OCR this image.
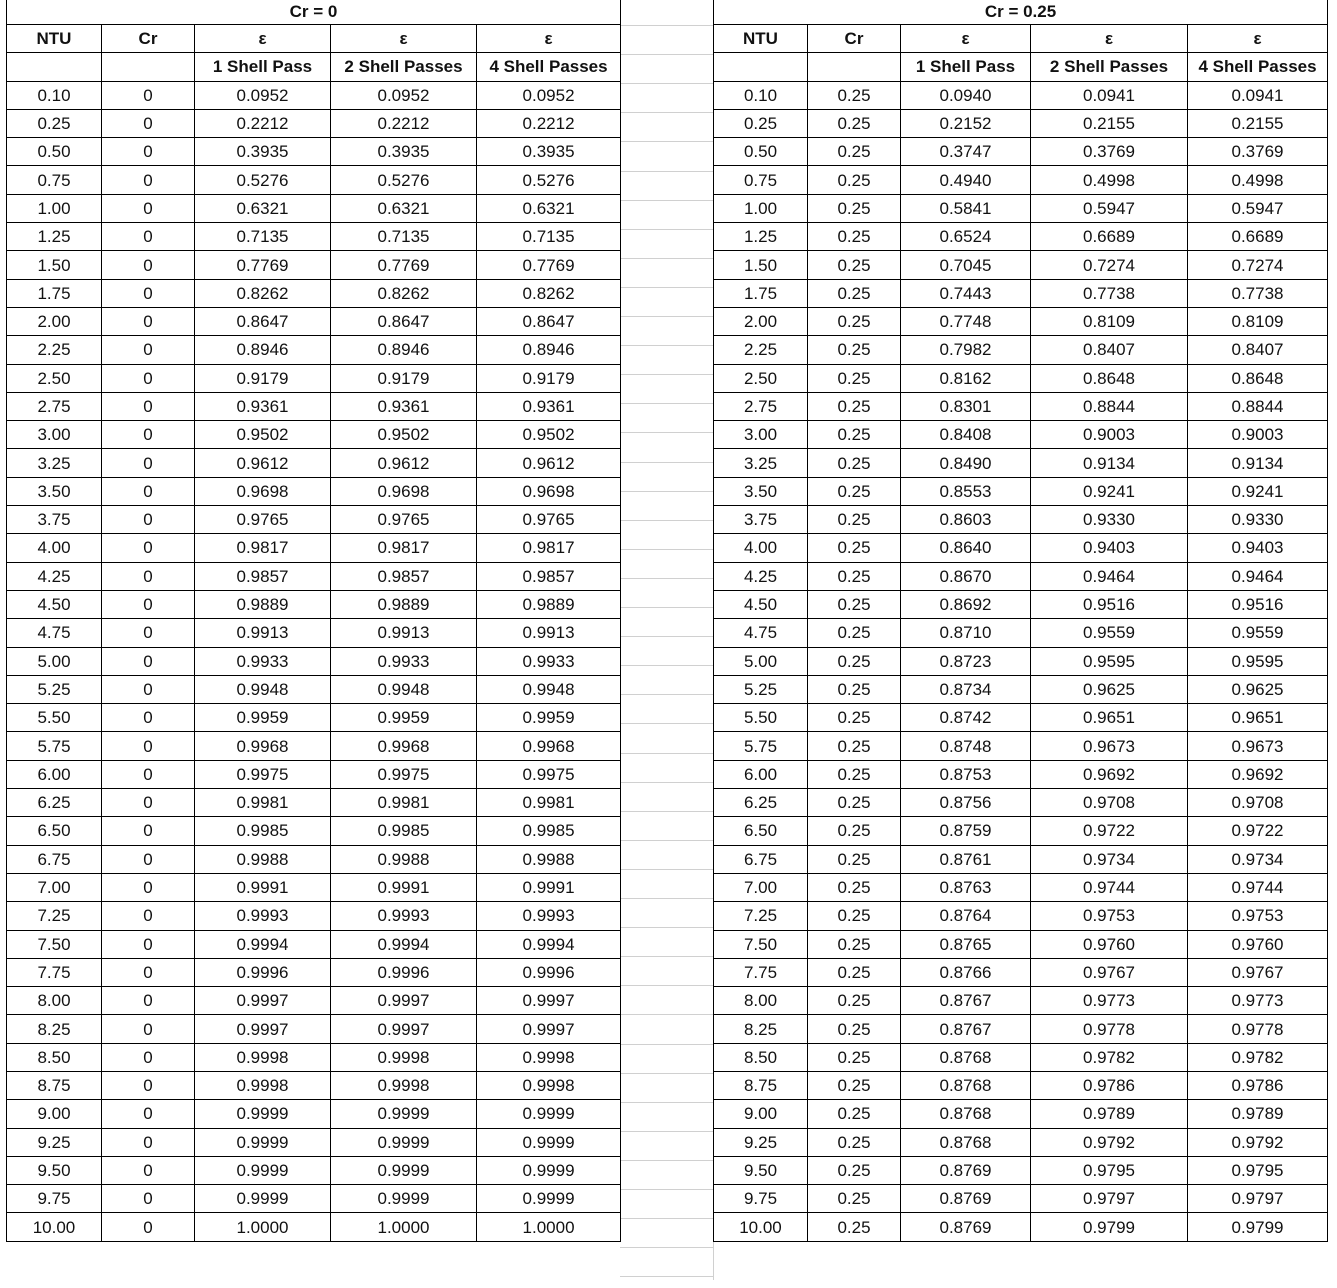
Cr = 0				
NTU	Cr	ε	ε	ε
		1 Shell Pass	2 Shell Passes	4 Shell Passes
0.10	0	0.0952	0.0952	0.0952
0.25	0	0.2212	0.2212	0.2212
0.50	0	0.3935	0.3935	0.3935
0.75	0	0.5276	0.5276	0.5276
1.00	0	0.6321	0.6321	0.6321
1.25	0	0.7135	0.7135	0.7135
1.50	0	0.7769	0.7769	0.7769
1.75	0	0.8262	0.8262	0.8262
2.00	0	0.8647	0.8647	0.8647
2.25	0	0.8946	0.8946	0.8946
2.50	0	0.9179	0.9179	0.9179
2.75	0	0.9361	0.9361	0.9361
3.00	0	0.9502	0.9502	0.9502
3.25	0	0.9612	0.9612	0.9612
3.50	0	0.9698	0.9698	0.9698
3.75	0	0.9765	0.9765	0.9765
4.00	0	0.9817	0.9817	0.9817
4.25	0	0.9857	0.9857	0.9857
4.50	0	0.9889	0.9889	0.9889
4.75	0	0.9913	0.9913	0.9913
5.00	0	0.9933	0.9933	0.9933
5.25	0	0.9948	0.9948	0.9948
5.50	0	0.9959	0.9959	0.9959
5.75	0	0.9968	0.9968	0.9968
6.00	0	0.9975	0.9975	0.9975
6.25	0	0.9981	0.9981	0.9981
6.50	0	0.9985	0.9985	0.9985
6.75	0	0.9988	0.9988	0.9988
7.00	0	0.9991	0.9991	0.9991
7.25	0	0.9993	0.9993	0.9993
7.50	0	0.9994	0.9994	0.9994
7.75	0	0.9996	0.9996	0.9996
8.00	0	0.9997	0.9997	0.9997
8.25	0	0.9997	0.9997	0.9997
8.50	0	0.9998	0.9998	0.9998
8.75	0	0.9998	0.9998	0.9998
9.00	0	0.9999	0.9999	0.9999
9.25	0	0.9999	0.9999	0.9999
9.50	0	0.9999	0.9999	0.9999
9.75	0	0.9999	0.9999	0.9999
10.00	0	1.0000	1.0000	1.0000
Cr = 0.25				
NTU	Cr	ε	ε	ε
		1 Shell Pass	2 Shell Passes	4 Shell Passes
0.10	0.25	0.0940	0.0941	0.0941
0.25	0.25	0.2152	0.2155	0.2155
0.50	0.25	0.3747	0.3769	0.3769
0.75	0.25	0.4940	0.4998	0.4998
1.00	0.25	0.5841	0.5947	0.5947
1.25	0.25	0.6524	0.6689	0.6689
1.50	0.25	0.7045	0.7274	0.7274
1.75	0.25	0.7443	0.7738	0.7738
2.00	0.25	0.7748	0.8109	0.8109
2.25	0.25	0.7982	0.8407	0.8407
2.50	0.25	0.8162	0.8648	0.8648
2.75	0.25	0.8301	0.8844	0.8844
3.00	0.25	0.8408	0.9003	0.9003
3.25	0.25	0.8490	0.9134	0.9134
3.50	0.25	0.8553	0.9241	0.9241
3.75	0.25	0.8603	0.9330	0.9330
4.00	0.25	0.8640	0.9403	0.9403
4.25	0.25	0.8670	0.9464	0.9464
4.50	0.25	0.8692	0.9516	0.9516
4.75	0.25	0.8710	0.9559	0.9559
5.00	0.25	0.8723	0.9595	0.9595
5.25	0.25	0.8734	0.9625	0.9625
5.50	0.25	0.8742	0.9651	0.9651
5.75	0.25	0.8748	0.9673	0.9673
6.00	0.25	0.8753	0.9692	0.9692
6.25	0.25	0.8756	0.9708	0.9708
6.50	0.25	0.8759	0.9722	0.9722
6.75	0.25	0.8761	0.9734	0.9734
7.00	0.25	0.8763	0.9744	0.9744
7.25	0.25	0.8764	0.9753	0.9753
7.50	0.25	0.8765	0.9760	0.9760
7.75	0.25	0.8766	0.9767	0.9767
8.00	0.25	0.8767	0.9773	0.9773
8.25	0.25	0.8767	0.9778	0.9778
8.50	0.25	0.8768	0.9782	0.9782
8.75	0.25	0.8768	0.9786	0.9786
9.00	0.25	0.8768	0.9789	0.9789
9.25	0.25	0.8768	0.9792	0.9792
9.50	0.25	0.8769	0.9795	0.9795
9.75	0.25	0.8769	0.9797	0.9797
10.00	0.25	0.8769	0.9799	0.9799
